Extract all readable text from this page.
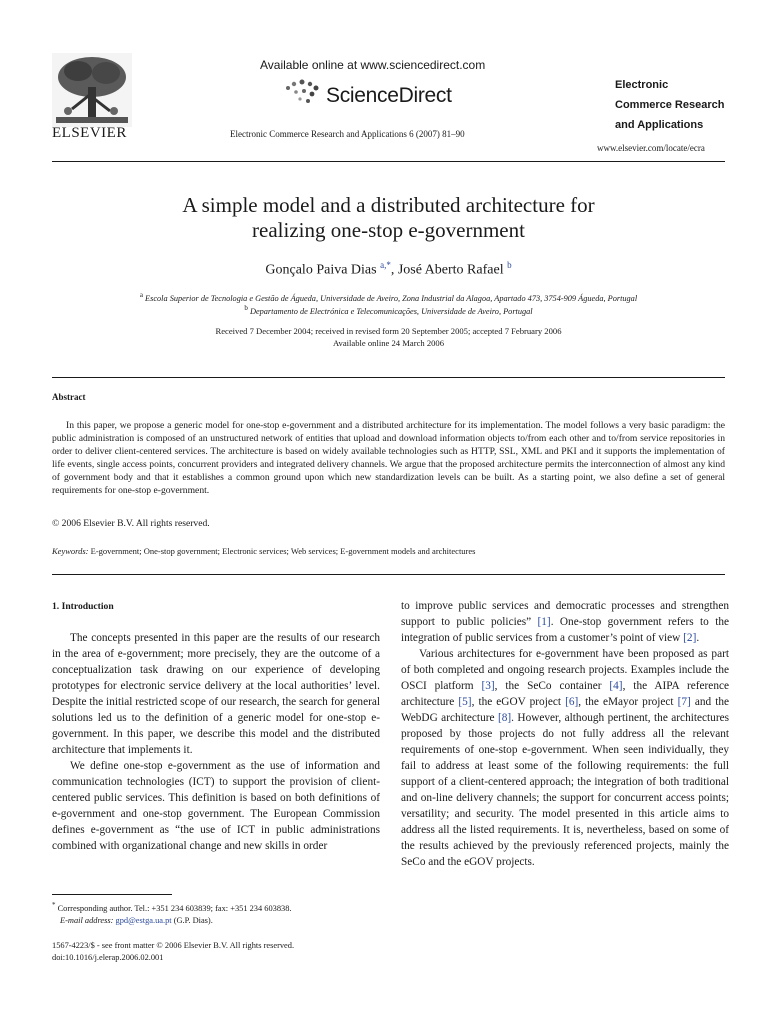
ELSEVIER
Available online at www.sciencedirect.com
ScienceDirect
Electronic Commerce Research and Applications 6 (2007) 81–90
Electronic
Commerce Research
and Applications
www.elsevier.com/locate/ecra
A simple model and a distributed architecture for
realizing one-stop e-government
Gonçalo Paiva Dias $^{a,*}$, José Aberto Rafael $^b$
$^a$ Escola Superior de Tecnologia e Gestão de Águeda, Universidade de Aveiro, Zona Industrial da Alagoa, Apartado 473, 3754-909 Águeda, Portugal
$^b$ Departamento de Electrónica e Telecomunicações, Universidade de Aveiro, Portugal
Received 7 December 2004; received in revised form 20 September 2005; accepted 7 February 2006
Available online 24 March 2006
Abstract
In this paper, we propose a generic model for one-stop e-government and a distributed architecture for its implementation. The model follows a very basic paradigm: the public administration is composed of an unstructured network of entities that upload and download information objects to/from each other and to/from service repositories in order to deliver client-centered services. The architecture is based on widely available technologies such as HTTP, SSL, XML and PKI and it supports the implementation of life events, single access points, concurrent providers and integrated delivery channels. We argue that the proposed architecture permits the interconnection of almost any kind of government body and that it establishes a common ground upon which new standardization levels can be built. As a starting point, we also define a set of general requirements for one-stop e-government.
© 2006 Elsevier B.V. All rights reserved.
Keywords: E-government; One-stop government; Electronic services; Web services; E-government models and architectures
1. Introduction

The concepts presented in this paper are the results of our research in the area of e-government; more precisely, they are the outcome of a conceptualization task drawing on our experience of developing prototypes for electronic service delivery at the local authorities’ level. Despite the initial restricted scope of our research, the search for general solutions led us to the definition of a generic model for one-stop e-government. In this paper, we describe this model and the distributed architecture that implements it.

We define one-stop e-government as the use of information and communication technologies (ICT) to support the provision of client-centered public services. This definition is based on both definitions of e-government and one-stop government. The European Commission defines e-government as “the use of ICT in public administrations combined with organizational change and new skills in order

to improve public services and democratic processes and strengthen support to public policies” [1]. One-stop government refers to the integration of public services from a customer’s point of view [2].

Various architectures for e-government have been proposed as part of both completed and ongoing research projects. Examples include the OSCI platform [3], the SeCo container [4], the AIPA reference architecture [5], the eGOV project [6], the eMayor project [7] and the WebDG architecture [8]. However, although pertinent, the architectures proposed by those projects do not fully address all the relevant requirements of one-stop e-government. When seen individually, they fail to address at least some of the following requirements: the full support of a client-centered approach; the integration of both traditional and on-line delivery channels; the support for concurrent access points; versatility; and security. The model presented in this article aims to address all the listed requirements. It is, nevertheless, based on some of the results achieved by the previously referenced projects, mainly the SeCo and the eGOV projects.

* Corresponding author. Tel.: +351 234 603839; fax: +351 234 603838.
E-mail address: gpd@estga.ua.pt (G.P. Dias).
1567-4223/$ - see front matter © 2006 Elsevier B.V. All rights reserved.
doi:10.1016/j.elerap.2006.02.001
